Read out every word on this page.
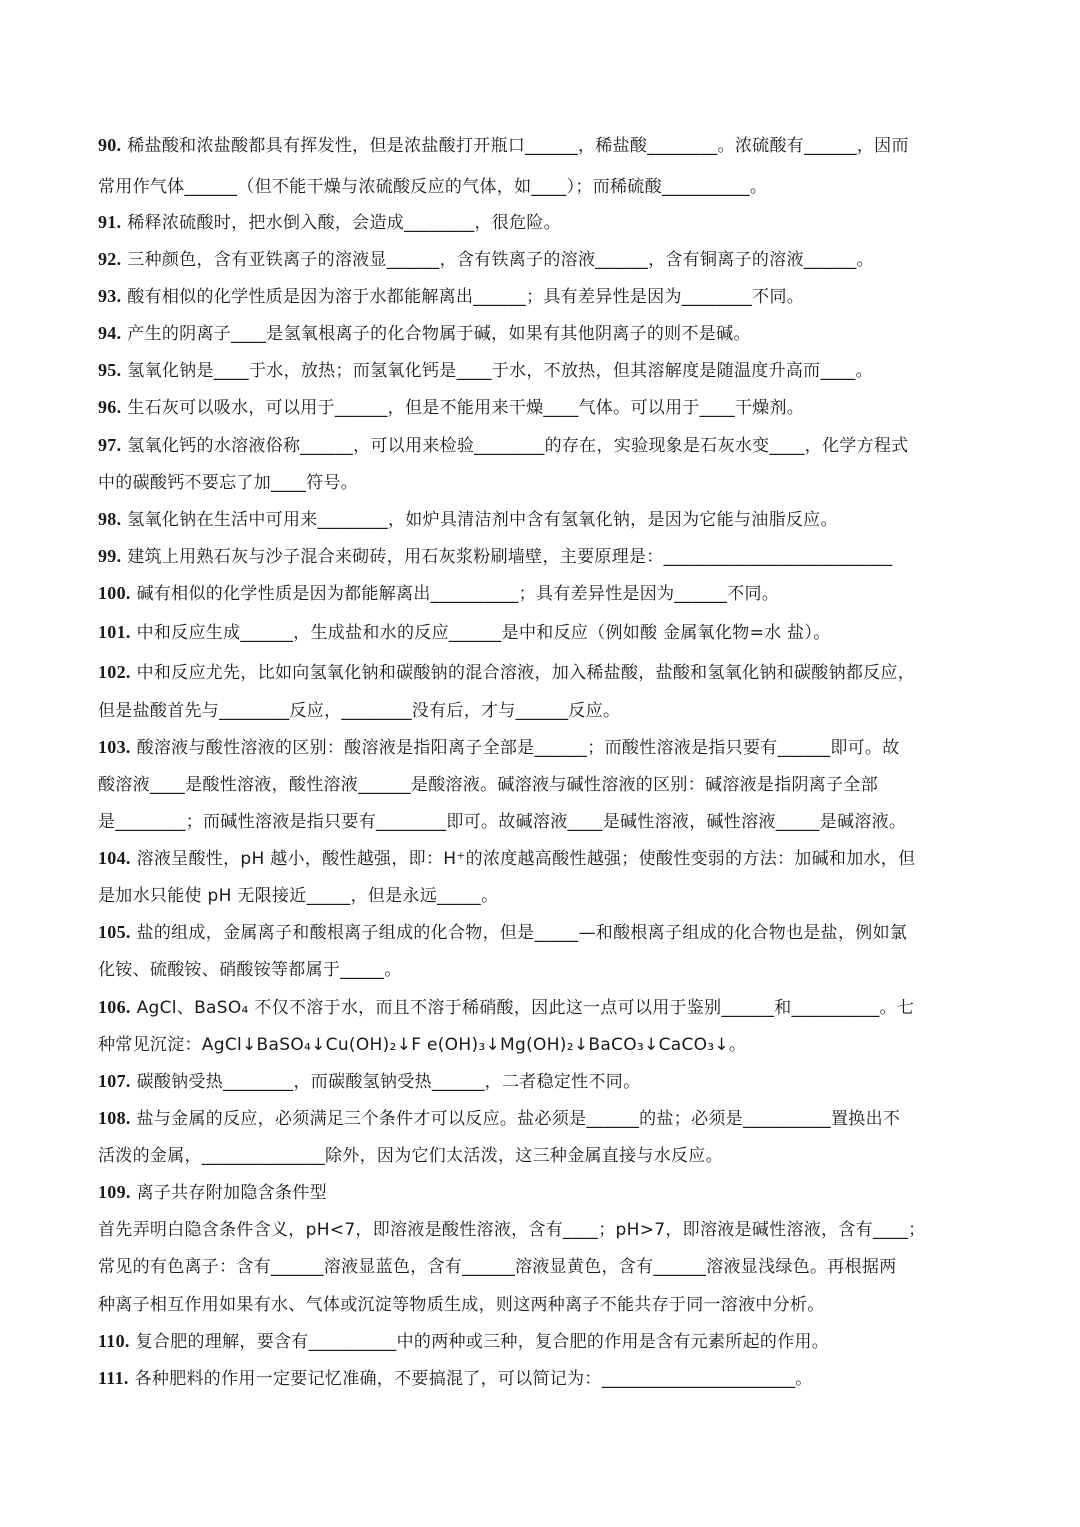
90. 稀盐酸和浓盐酸都具有挥发性，但是浓盐酸打开瓶口______，稀盐酸________。浓硫酸有______，因而
常用作气体______（但不能干燥与浓硫酸反应的气体，如____）；而稀硫酸__________。
91. 稀释浓硫酸时，把水倒入酸，会造成________，很危险。
92. 三种颜色，含有亚铁离子的溶液显______，含有铁离子的溶液______，含有铜离子的溶液______。
93. 酸有相似的化学性质是因为溶于水都能解离出______；具有差异性是因为________不同。
94. 产生的阴离子____是氢氧根离子的化合物属于碱，如果有其他阴离子的则不是碱。
95. 氢氧化钠是____于水，放热；而氢氧化钙是____于水，不放热，但其溶解度是随温度升高而____。
96. 生石灰可以吸水，可以用于______，但是不能用来干燥____气体。可以用于____干燥剂。
97. 氢氧化钙的水溶液俗称______，可以用来检验________的存在，实验现象是石灰水变____，化学方程式
中的碳酸钙不要忘了加____符号。
98. 氢氧化钠在生活中可用来________，如炉具清洁剂中含有氢氧化钠，是因为它能与油脂反应。
99. 建筑上用熟石灰与沙子混合来砌砖，用石灰浆粉刷墙壁，主要原理是：__________________________
100. 碱有相似的化学性质是因为都能解离出__________；具有差异性是因为______不同。
101. 中和反应生成______，生成盐和水的反应______是中和反应（例如酸 金属氧化物=水 盐）。
102. 中和反应尤先，比如向氢氧化钠和碳酸钠的混合溶液，加入稀盐酸，盐酸和氢氧化钠和碳酸钠都反应，
但是盐酸首先与________反应，________没有后，才与______反应。
103. 酸溶液与酸性溶液的区别：酸溶液是指阳离子全部是______；而酸性溶液是指只要有______即可。故
酸溶液____是酸性溶液，酸性溶液______是酸溶液。碱溶液与碱性溶液的区别：碱溶液是指阴离子全部
是________；而碱性溶液是指只要有________即可。故碱溶液____是碱性溶液，碱性溶液_____是碱溶液。
104. 溶液呈酸性，pH 越小，酸性越强，即：H⁺的浓度越高酸性越强；使酸性变弱的方法：加碱和加水，但
是加水只能使 pH 无限接近_____，但是永远_____。
105. 盐的组成，金属离子和酸根离子组成的化合物，但是_____—和酸根离子组成的化合物也是盐，例如氯
化铵、硫酸铵、硝酸铵等都属于_____。
106. AgCl、BaSO₄ 不仅不溶于水，而且不溶于稀硝酸，因此这一点可以用于鉴别______和__________。七
种常见沉淀：AgCl↓BaSO₄↓Cu(OH)₂↓F e(OH)₃↓Mg(OH)₂↓BaCO₃↓CaCO₃↓。
107. 碳酸钠受热________，而碳酸氢钠受热______，二者稳定性不同。
108. 盐与金属的反应，必须满足三个条件才可以反应。盐必须是______的盐；必须是__________置换出不
活泼的金属，______________除外，因为它们太活泼，这三种金属直接与水反应。
109. 离子共存附加隐含条件型
首先弄明白隐含条件含义，pH<7，即溶液是酸性溶液，含有____；pH>7，即溶液是碱性溶液，含有____；
常见的有色离子：含有______溶液显蓝色，含有______溶液显黄色，含有______溶液显浅绿色。再根据两
种离子相互作用如果有水、气体或沉淀等物质生成，则这两种离子不能共存于同一溶液中分析。
110. 复合肥的理解，要含有__________中的两种或三种，复合肥的作用是含有元素所起的作用。
111. 各种肥料的作用一定要记忆准确，不要搞混了，可以简记为：______________________。
